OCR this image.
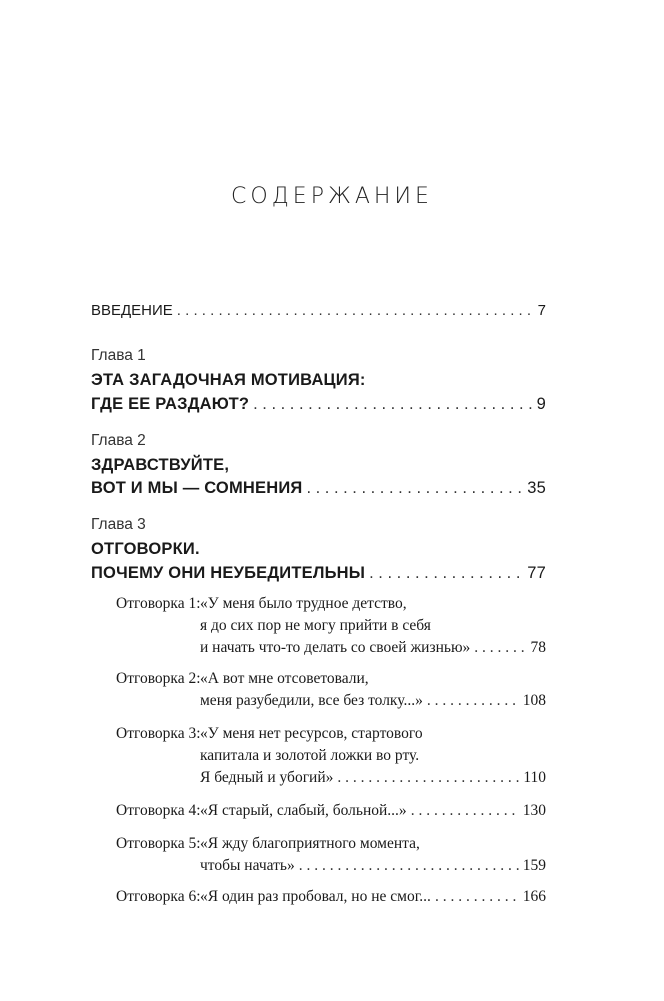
СОДЕРЖАНИЕ
ВВЕДЕНИЕ . . .	7
Глава 1
ЭТА ЗАГАДОЧНАЯ МОТИВАЦИЯ:
ГДЕ ЕЕ РАЗДАЮТ? . . .	9
Глава 2
ЗДРАВСТВУЙТЕ,
ВОТ И МЫ — СОМНЕНИЯ . . .	35
Глава 3
ОТГОВОРКИ.
ПОЧЕМУ ОНИ НЕУБЕДИТЕЛЬНЫ . . .	77
Отговорка 1: «У меня было трудное детство,
я до сих пор не могу прийти в себя
и начать что-то делать со своей жизнью» . . .	78
Отговорка 2: «А вот мне отсоветовали,
меня разубедили, все без толку...» . . .	108
Отговорка 3: «У меня нет ресурсов, стартового
капитала и золотой ложки во рту.
Я бедный и убогий» . . .	110
Отговорка 4: «Я старый, слабый, больной...» . . .	130
Отговорка 5: «Я жду благоприятного момента,
чтобы начать» . . .	159
Отговорка 6: «Я один раз пробовал, но не смог... . . .	166
